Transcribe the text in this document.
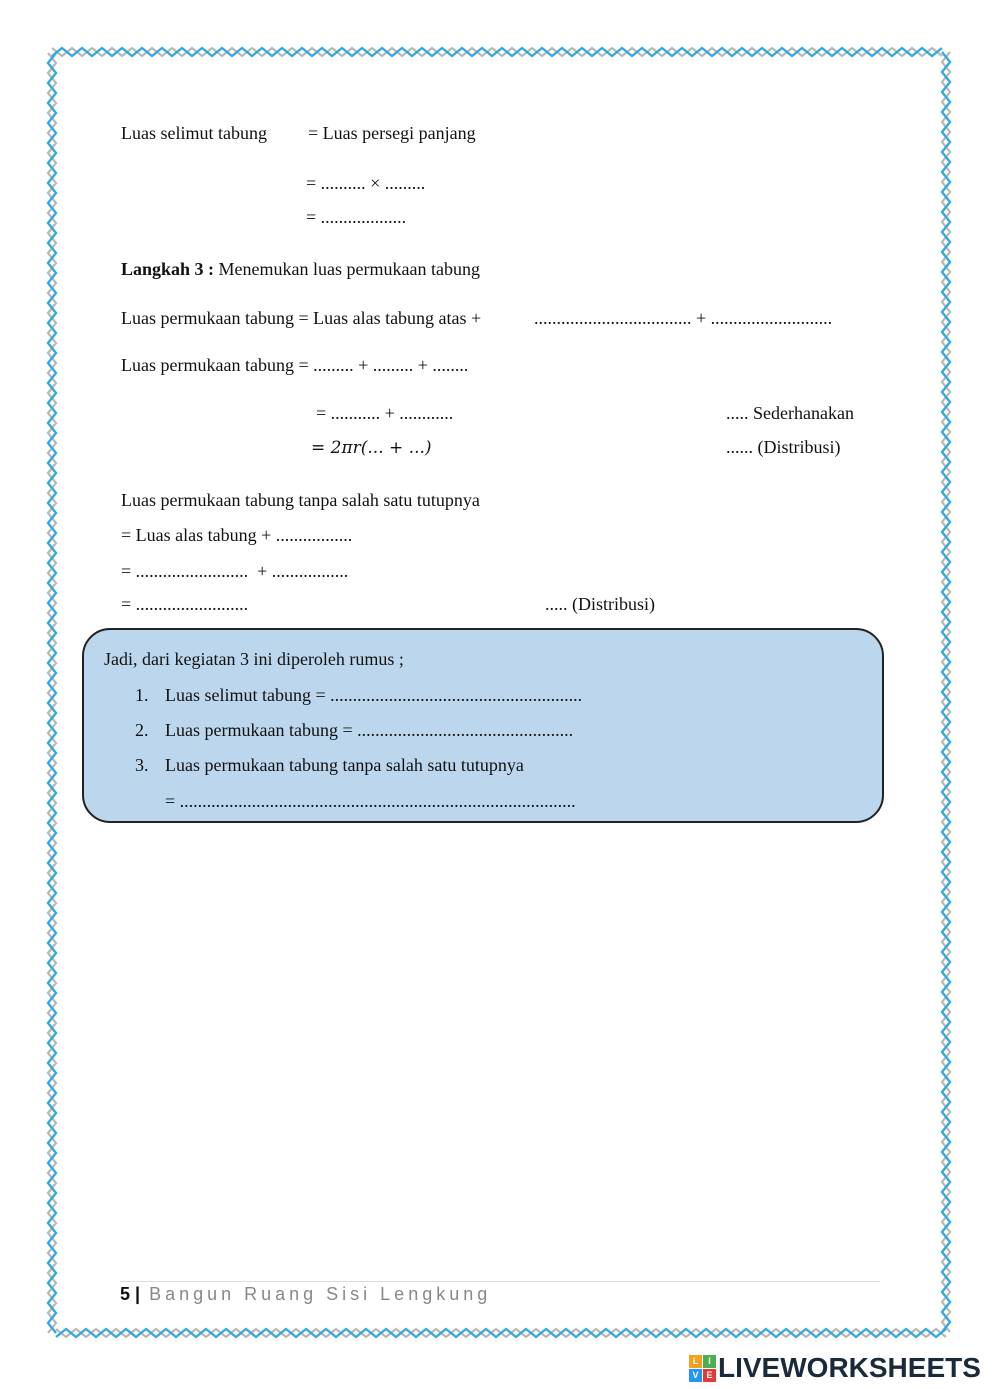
Luas selimut tabung = Luas persegi panjang
= .......... × .........
= ...................
Langkah 3 : Menemukan luas permukaan tabung
Luas permukaan tabung = Luas alas tabung atas +	................................... + ...........................
Luas permukaan tabung = ......... + ......... + ........
= ........... + ............	..... Sederhanakan
= 2πr(... + ...)	...... (Distribusi)
Luas permukaan tabung tanpa salah satu tutupnya
= Luas alas tabung + .................
= .........................  + .................
= .........................	..... (Distribusi)
Jadi, dari kegiatan 3 ini diperoleh rumus ;
1. Luas selimut tabung = ........................................................
2. Luas permukaan tabung = ................................................
3. Luas permukaan tabung tanpa salah satu tutupnya
= ........................................................................................
5 | Bangun Ruang Sisi Lengkung
L	I
V E LIVEWORKSHEETS
